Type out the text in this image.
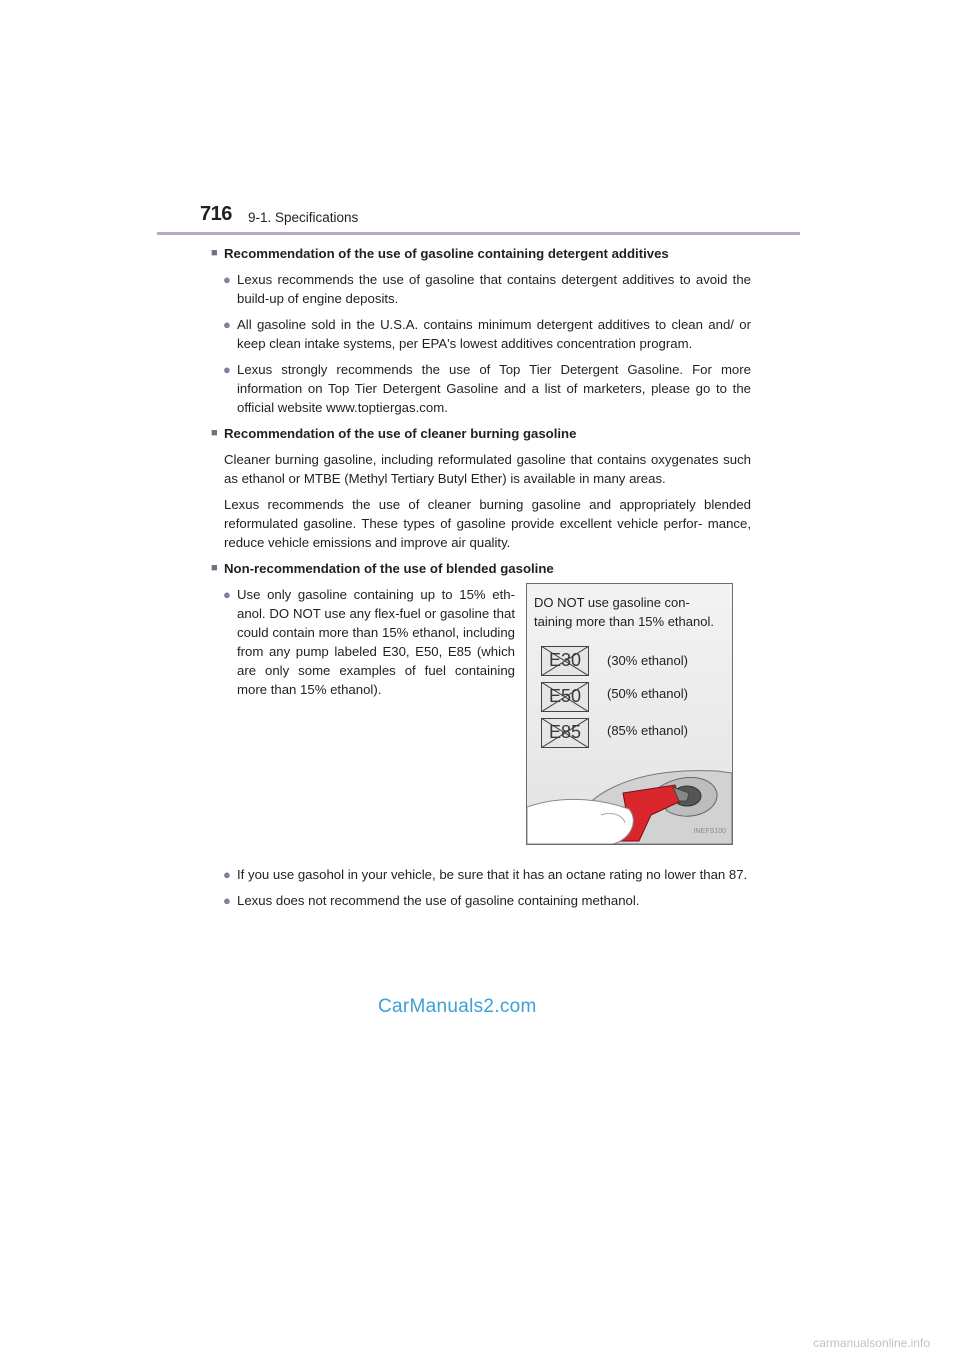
716 9-1. Specifications
■ Recommendation of the use of gasoline containing detergent additives
● Lexus recommends the use of gasoline that contains detergent additives to avoid the build-up of engine deposits.
● All gasoline sold in the U.S.A. contains minimum detergent additives to clean and/ or keep clean intake systems, per EPA's lowest additives concentration program.
● Lexus strongly recommends the use of Top Tier Detergent Gasoline. For more information on Top Tier Detergent Gasoline and a list of marketers, please go to the official website www.toptiergas.com.
■ Recommendation of the use of cleaner burning gasoline
Cleaner burning gasoline, including reformulated gasoline that contains oxygenates such as ethanol or MTBE (Methyl Tertiary Butyl Ether) is available in many areas.
Lexus recommends the use of cleaner burning gasoline and appropriately blended reformulated gasoline. These types of gasoline provide excellent vehicle perfor- mance, reduce vehicle emissions and improve air quality.
■ Non-recommendation of the use of blended gasoline
● Use only gasoline containing up to 15% eth- anol. DO NOT use any flex-fuel or gasoline that could contain more than 15% ethanol, including from any pump labeled E30, E50, E85 (which are only some examples of fuel containing more than 15% ethanol).
DO NOT use gasoline con- taining more than 15% ethanol.
E30	(30% ethanol)
E50	(50% ethanol)
E85	(85% ethanol)
INEFS100
● If you use gasohol in your vehicle, be sure that it has an octane rating no lower than 87.
● Lexus does not recommend the use of gasoline containing methanol.
CarManuals2.com
carmanualsonline.info
